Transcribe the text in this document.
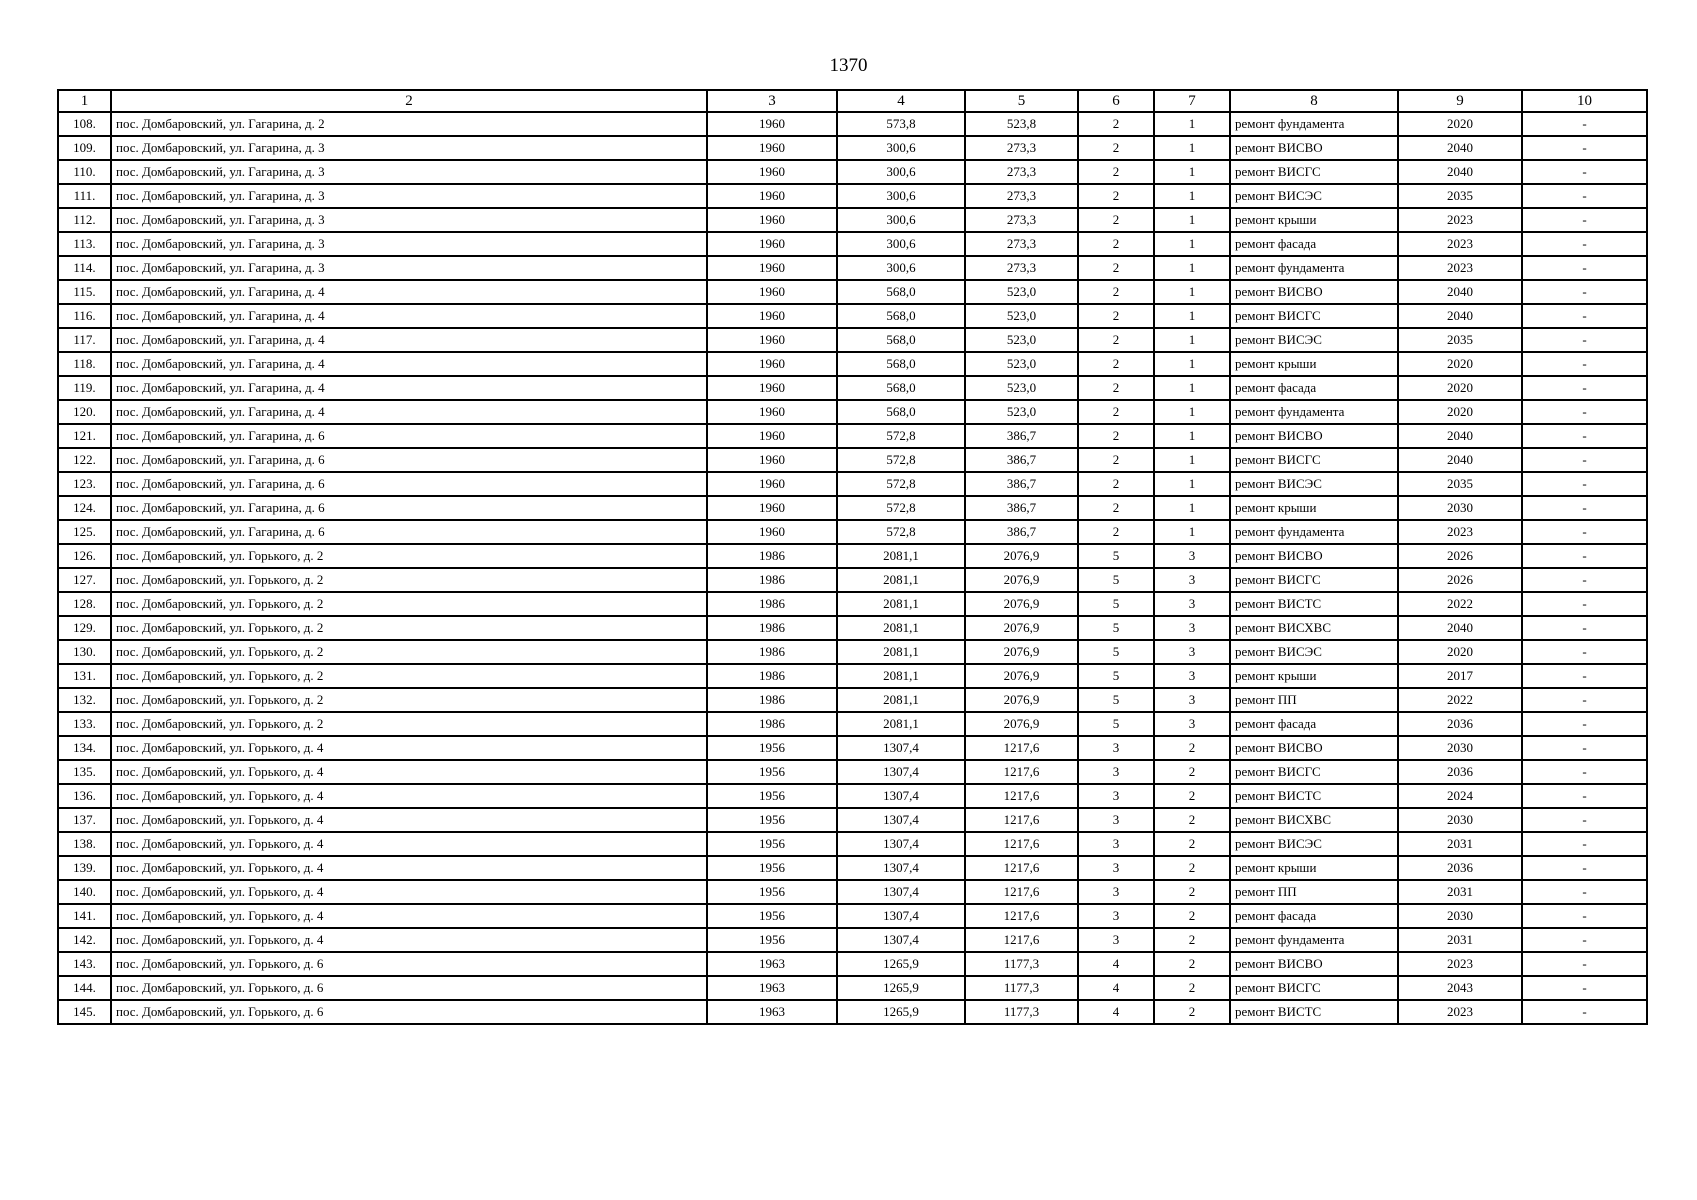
1370
1	2	3	4	5	6	7	8	9	10
108.	пос. Домбаровский, ул. Гагарина, д. 2	1960	573,8	523,8	2	1	ремонт фундамента	2020	-
109.	пос. Домбаровский, ул. Гагарина, д. 3	1960	300,6	273,3	2	1	ремонт ВИСВО	2040	-
110.	пос. Домбаровский, ул. Гагарина, д. 3	1960	300,6	273,3	2	1	ремонт ВИСГС	2040	-
111.	пос. Домбаровский, ул. Гагарина, д. 3	1960	300,6	273,3	2	1	ремонт ВИСЭС	2035	-
112.	пос. Домбаровский, ул. Гагарина, д. 3	1960	300,6	273,3	2	1	ремонт крыши	2023	-
113.	пос. Домбаровский, ул. Гагарина, д. 3	1960	300,6	273,3	2	1	ремонт фасада	2023	-
114.	пос. Домбаровский, ул. Гагарина, д. 3	1960	300,6	273,3	2	1	ремонт фундамента	2023	-
115.	пос. Домбаровский, ул. Гагарина, д. 4	1960	568,0	523,0	2	1	ремонт ВИСВО	2040	-
116.	пос. Домбаровский, ул. Гагарина, д. 4	1960	568,0	523,0	2	1	ремонт ВИСГС	2040	-
117.	пос. Домбаровский, ул. Гагарина, д. 4	1960	568,0	523,0	2	1	ремонт ВИСЭС	2035	-
118.	пос. Домбаровский, ул. Гагарина, д. 4	1960	568,0	523,0	2	1	ремонт крыши	2020	-
119.	пос. Домбаровский, ул. Гагарина, д. 4	1960	568,0	523,0	2	1	ремонт фасада	2020	-
120.	пос. Домбаровский, ул. Гагарина, д. 4	1960	568,0	523,0	2	1	ремонт фундамента	2020	-
121.	пос. Домбаровский, ул. Гагарина, д. 6	1960	572,8	386,7	2	1	ремонт ВИСВО	2040	-
122.	пос. Домбаровский, ул. Гагарина, д. 6	1960	572,8	386,7	2	1	ремонт ВИСГС	2040	-
123.	пос. Домбаровский, ул. Гагарина, д. 6	1960	572,8	386,7	2	1	ремонт ВИСЭС	2035	-
124.	пос. Домбаровский, ул. Гагарина, д. 6	1960	572,8	386,7	2	1	ремонт крыши	2030	-
125.	пос. Домбаровский, ул. Гагарина, д. 6	1960	572,8	386,7	2	1	ремонт фундамента	2023	-
126.	пос. Домбаровский, ул. Горького, д. 2	1986	2081,1	2076,9	5	3	ремонт ВИСВО	2026	-
127.	пос. Домбаровский, ул. Горького, д. 2	1986	2081,1	2076,9	5	3	ремонт ВИСГС	2026	-
128.	пос. Домбаровский, ул. Горького, д. 2	1986	2081,1	2076,9	5	3	ремонт ВИСТС	2022	-
129.	пос. Домбаровский, ул. Горького, д. 2	1986	2081,1	2076,9	5	3	ремонт ВИСХВС	2040	-
130.	пос. Домбаровский, ул. Горького, д. 2	1986	2081,1	2076,9	5	3	ремонт ВИСЭС	2020	-
131.	пос. Домбаровский, ул. Горького, д. 2	1986	2081,1	2076,9	5	3	ремонт крыши	2017	-
132.	пос. Домбаровский, ул. Горького, д. 2	1986	2081,1	2076,9	5	3	ремонт ПП	2022	-
133.	пос. Домбаровский, ул. Горького, д. 2	1986	2081,1	2076,9	5	3	ремонт фасада	2036	-
134.	пос. Домбаровский, ул. Горького, д. 4	1956	1307,4	1217,6	3	2	ремонт ВИСВО	2030	-
135.	пос. Домбаровский, ул. Горького, д. 4	1956	1307,4	1217,6	3	2	ремонт ВИСГС	2036	-
136.	пос. Домбаровский, ул. Горького, д. 4	1956	1307,4	1217,6	3	2	ремонт ВИСТС	2024	-
137.	пос. Домбаровский, ул. Горького, д. 4	1956	1307,4	1217,6	3	2	ремонт ВИСХВС	2030	-
138.	пос. Домбаровский, ул. Горького, д. 4	1956	1307,4	1217,6	3	2	ремонт ВИСЭС	2031	-
139.	пос. Домбаровский, ул. Горького, д. 4	1956	1307,4	1217,6	3	2	ремонт крыши	2036	-
140.	пос. Домбаровский, ул. Горького, д. 4	1956	1307,4	1217,6	3	2	ремонт ПП	2031	-
141.	пос. Домбаровский, ул. Горького, д. 4	1956	1307,4	1217,6	3	2	ремонт фасада	2030	-
142.	пос. Домбаровский, ул. Горького, д. 4	1956	1307,4	1217,6	3	2	ремонт фундамента	2031	-
143.	пос. Домбаровский, ул. Горького, д. 6	1963	1265,9	1177,3	4	2	ремонт ВИСВО	2023	-
144.	пос. Домбаровский, ул. Горького, д. 6	1963	1265,9	1177,3	4	2	ремонт ВИСГС	2043	-
145.	пос. Домбаровский, ул. Горького, д. 6	1963	1265,9	1177,3	4	2	ремонт ВИСТС	2023	-
